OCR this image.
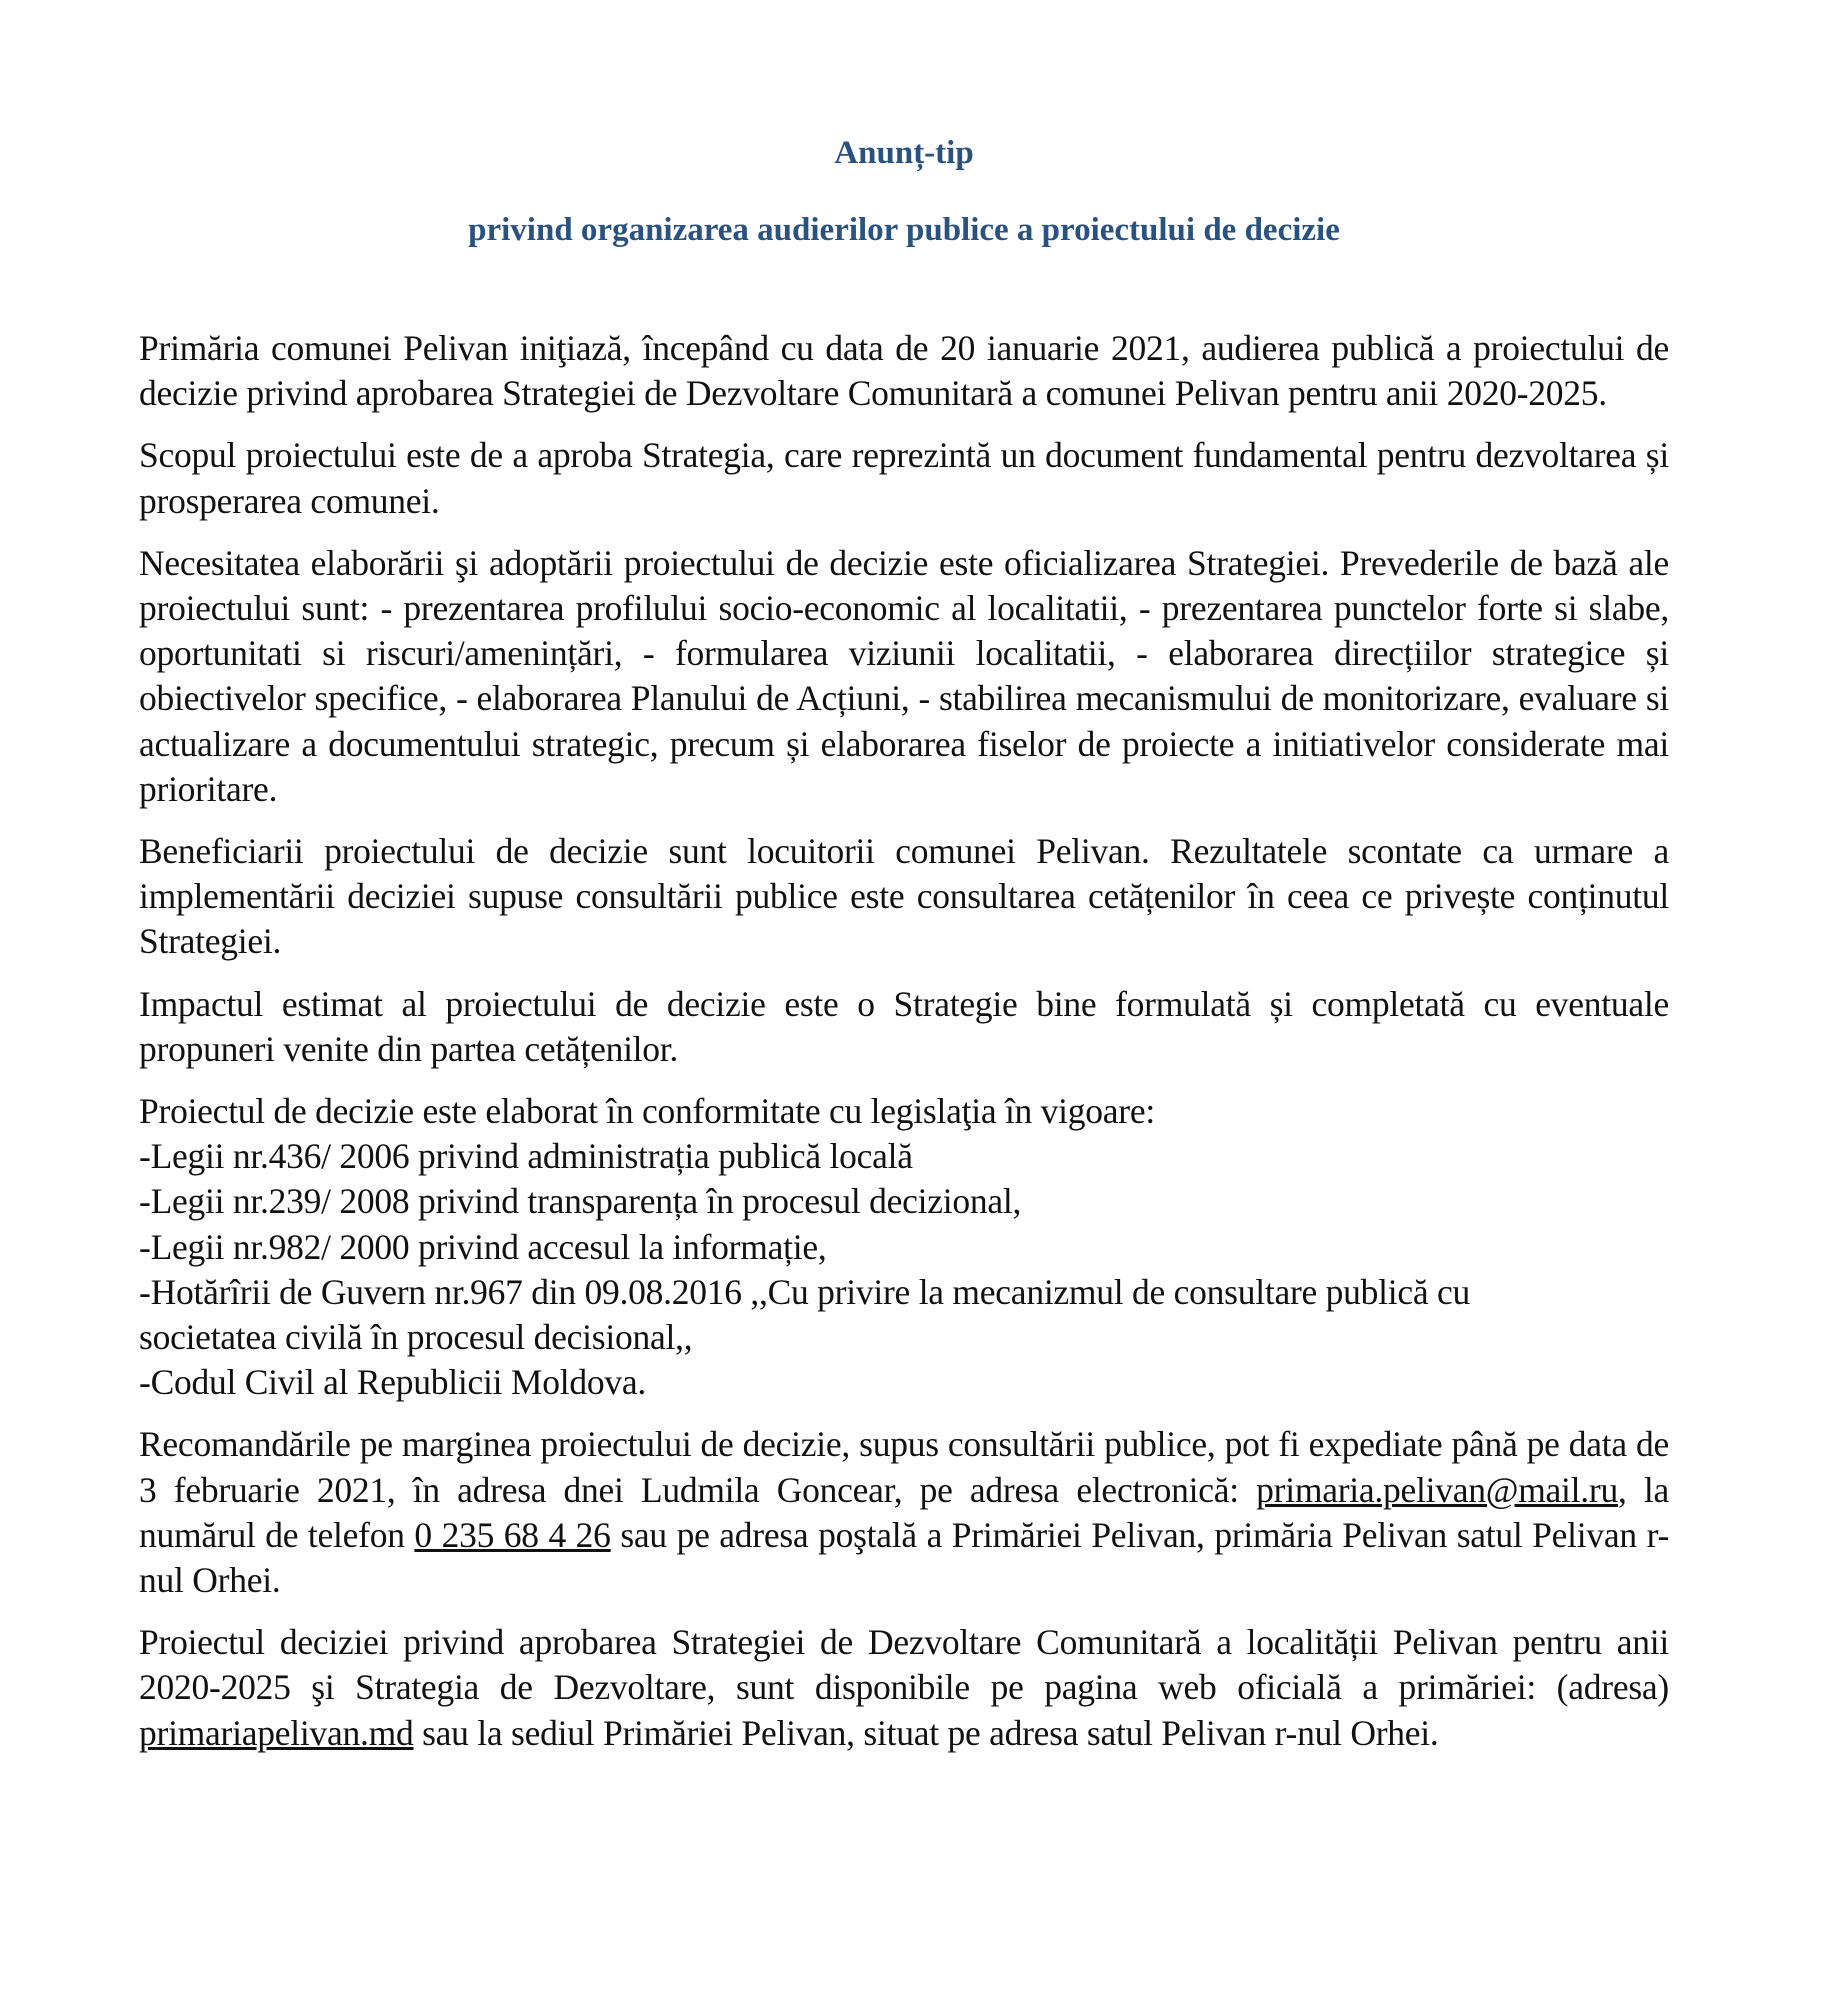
Anunț-tip
privind organizarea audierilor publice a proiectului de decizie

Primăria comunei Pelivan iniţiază, începând cu data de 20 ianuarie 2021, audierea publică a proiectului de decizie privind aprobarea Strategiei de Dezvoltare Comunitară a comunei Pelivan pentru anii 2020-2025.

Scopul proiectului este de a aproba Strategia, care reprezintă un document fundamental pentru dezvoltarea și prosperarea comunei.

Necesitatea elaborării şi adoptării proiectului de decizie este oficializarea Strategiei. Prevederile de bază ale proiectului sunt: - prezentarea profilului socio-economic al localitatii, - prezentarea punctelor forte si slabe, oportunitati si riscuri/amenințări, - formularea viziunii localitatii, - elaborarea direcțiilor strategice și obiectivelor specifice, - elaborarea Planului de Acțiuni, - stabilirea mecanismului de monitorizare, evaluare si actualizare a documentului strategic, precum și elaborarea fiselor de proiecte a initiativelor considerate mai prioritare.

Beneficiarii proiectului de decizie sunt locuitorii comunei Pelivan. Rezultatele scontate ca urmare a implementării deciziei supuse consultării publice este consultarea cetățenilor în ceea ce privește conținutul Strategiei.

Impactul estimat al proiectului de decizie este o Strategie bine formulată și completată cu eventuale propuneri venite din partea cetățenilor.

Proiectul de decizie este elaborat în conformitate cu legislaţia în vigoare:
-Legii nr.436/ 2006 privind administrația publică locală
-Legii nr.239/ 2008 privind transparența în procesul decizional,
-Legii nr.982/ 2000 privind accesul la informație,
-Hotărîrii de Guvern nr.967 din 09.08.2016 ,,Cu privire la mecanizmul de consultare publică cu
societatea civilă în procesul decisional,,
-Codul Civil al Republicii Moldova.

Recomandările pe marginea proiectului de decizie, supus consultării publice, pot fi expediate până pe data de 3 februarie 2021, în adresa dnei Ludmila Goncear, pe adresa electronică: primaria.pelivan@mail.ru, la numărul de telefon 0 235 68 4 26 sau pe adresa poştală a Primăriei Pelivan, primăria Pelivan satul Pelivan r-nul Orhei.

Proiectul deciziei privind aprobarea Strategiei de Dezvoltare Comunitară a localității Pelivan pentru anii 2020-2025 şi Strategia de Dezvoltare, sunt disponibile pe pagina web oficială a primăriei: (adresa) primariapelivan.md sau la sediul Primăriei Pelivan, situat pe adresa satul Pelivan r-nul Orhei.
